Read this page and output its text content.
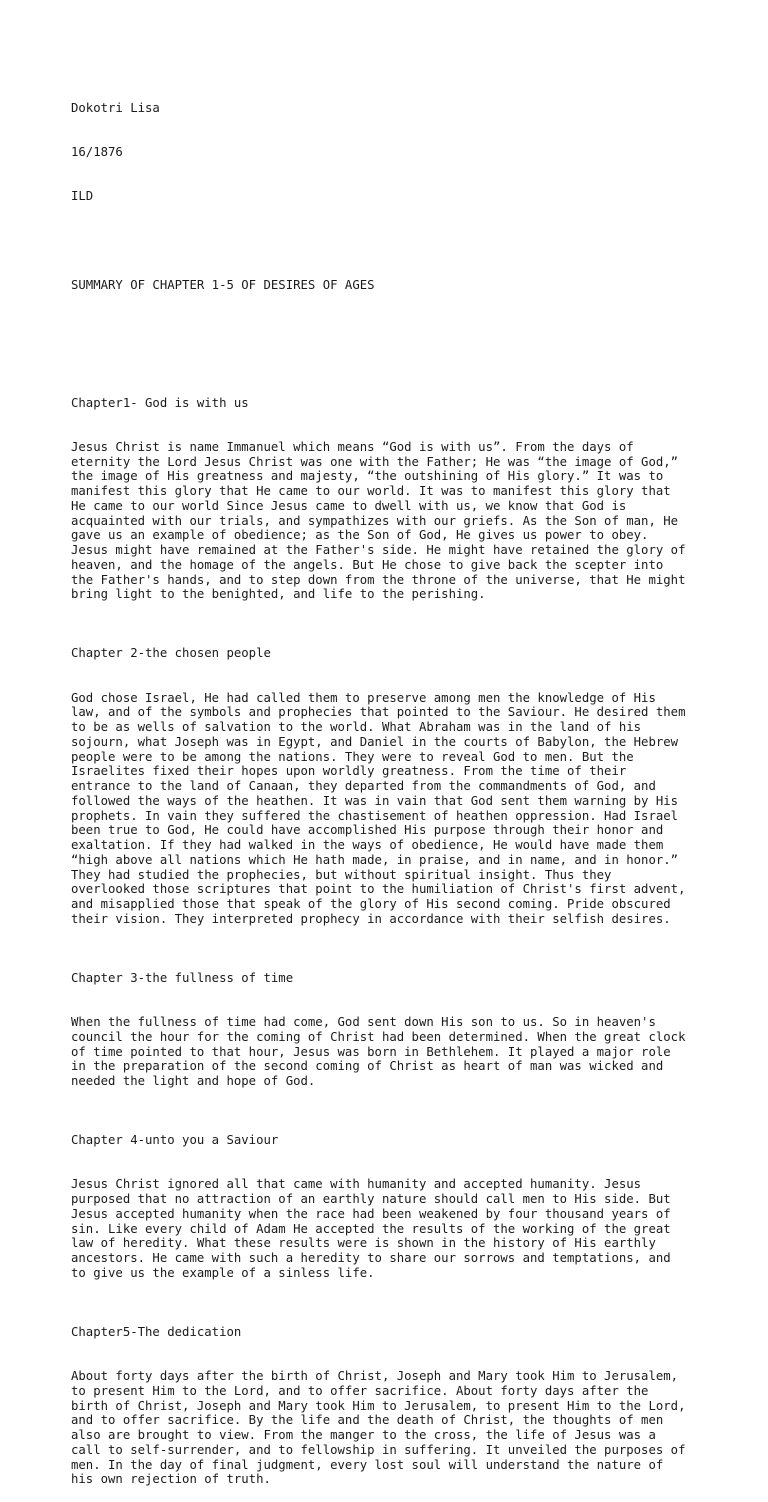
Dokotri Lisa

16/1876

ILD

SUMMARY OF CHAPTER 1-5 OF DESIRES OF AGES

Chapter1- God is with us

Jesus Christ is name Immanuel which means “God is with us”. From the days of
eternity the Lord Jesus Christ was one with the Father; He was “the image of God,”
the image of His greatness and majesty, “the outshining of His glory.” It was to
manifest this glory that He came to our world. It was to manifest this glory that
He came to our world Since Jesus came to dwell with us, we know that God is
acquainted with our trials, and sympathizes with our griefs. As the Son of man, He
gave us an example of obedience; as the Son of God, He gives us power to obey.
Jesus might have remained at the Father's side. He might have retained the glory of
heaven, and the homage of the angels. But He chose to give back the scepter into
the Father's hands, and to step down from the throne of the universe, that He might
bring light to the benighted, and life to the perishing.

Chapter 2-the chosen people

God chose Israel, He had called them to preserve among men the knowledge of His
law, and of the symbols and prophecies that pointed to the Saviour. He desired them
to be as wells of salvation to the world. What Abraham was in the land of his
sojourn, what Joseph was in Egypt, and Daniel in the courts of Babylon, the Hebrew
people were to be among the nations. They were to reveal God to men. But the
Israelites fixed their hopes upon worldly greatness. From the time of their
entrance to the land of Canaan, they departed from the commandments of God, and
followed the ways of the heathen. It was in vain that God sent them warning by His
prophets. In vain they suffered the chastisement of heathen oppression. Had Israel
been true to God, He could have accomplished His purpose through their honor and
exaltation. If they had walked in the ways of obedience, He would have made them
“high above all nations which He hath made, in praise, and in name, and in honor.”
They had studied the prophecies, but without spiritual insight. Thus they
overlooked those scriptures that point to the humiliation of Christ's first advent,
and misapplied those that speak of the glory of His second coming. Pride obscured
their vision. They interpreted prophecy in accordance with their selfish desires.

Chapter 3-the fullness of time

When the fullness of time had come, God sent down His son to us. So in heaven's
council the hour for the coming of Christ had been determined. When the great clock
of time pointed to that hour, Jesus was born in Bethlehem. It played a major role
in the preparation of the second coming of Christ as heart of man was wicked and
needed the light and hope of God.

Chapter 4-unto you a Saviour

Jesus Christ ignored all that came with humanity and accepted humanity. Jesus
purposed that no attraction of an earthly nature should call men to His side. But
Jesus accepted humanity when the race had been weakened by four thousand years of
sin. Like every child of Adam He accepted the results of the working of the great
law of heredity. What these results were is shown in the history of His earthly
ancestors. He came with such a heredity to share our sorrows and temptations, and
to give us the example of a sinless life.

Chapter5-The dedication

About forty days after the birth of Christ, Joseph and Mary took Him to Jerusalem,
to present Him to the Lord, and to offer sacrifice. About forty days after the
birth of Christ, Joseph and Mary took Him to Jerusalem, to present Him to the Lord,
and to offer sacrifice. By the life and the death of Christ, the thoughts of men
also are brought to view. From the manger to the cross, the life of Jesus was a
call to self-surrender, and to fellowship in suffering. It unveiled the purposes of
men. In the day of final judgment, every lost soul will understand the nature of
his own rejection of truth.
